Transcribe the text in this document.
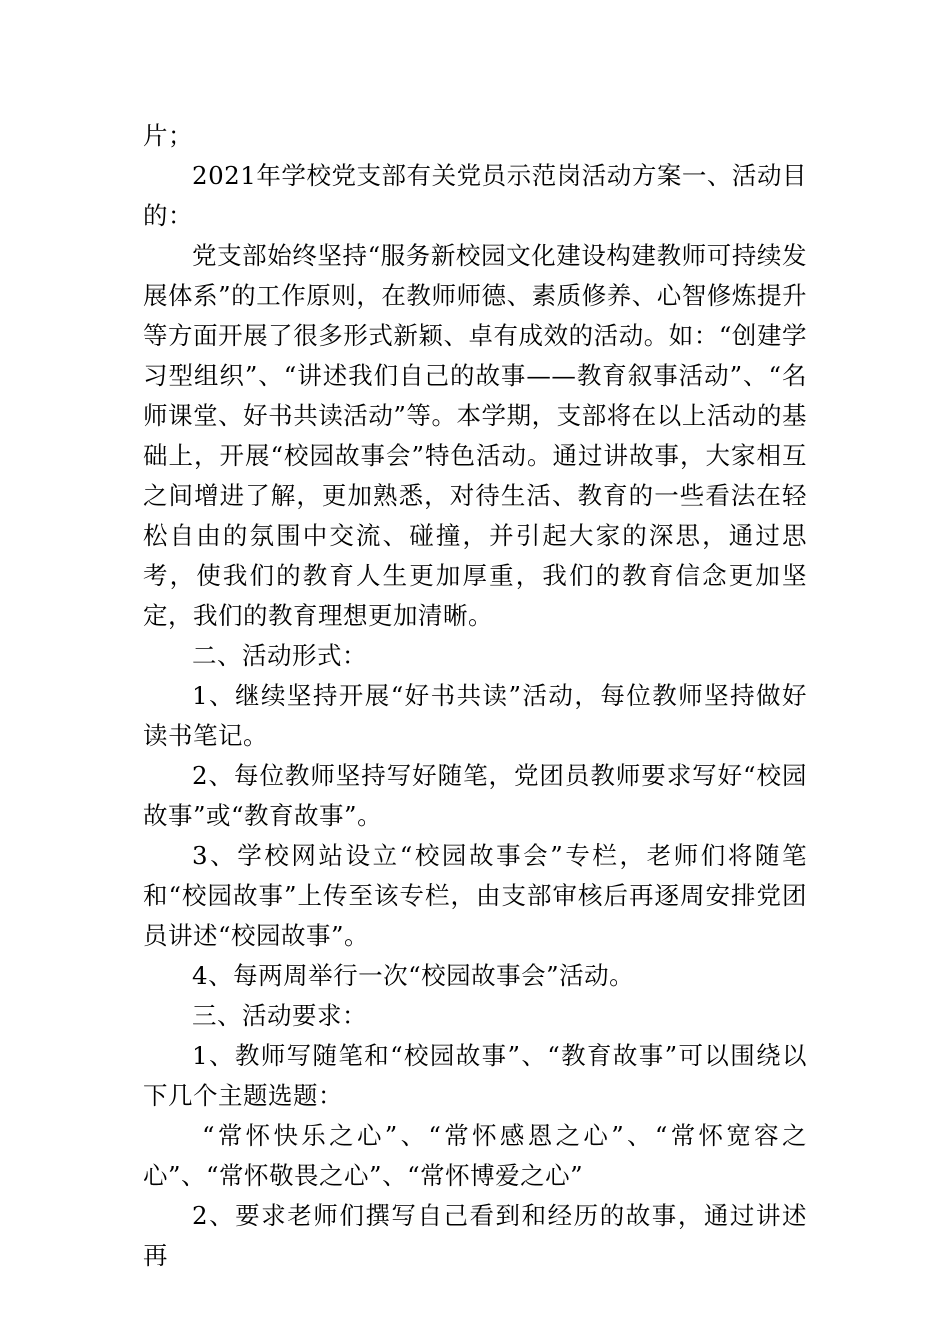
片；

2021年学校党支部有关党员示范岗活动方案一、活动目的：

党支部始终坚持“服务新校园文化建设构建教师可持续发展体系”的工作原则，在教师师德、素质修养、心智修炼提升等方面开展了很多形式新颖、卓有成效的活动。如：“创建学习型组织”、“讲述我们自己的故事——教育叙事活动”、“名师课堂、好书共读活动”等。本学期，支部将在以上活动的基础上，开展“校园故事会”特色活动。通过讲故事，大家相互之间增进了解，更加熟悉，对待生活、教育的一些看法在轻松自由的氛围中交流、碰撞，并引起大家的深思，通过思考，使我们的教育人生更加厚重，我们的教育信念更加坚定，我们的教育理想更加清晰。

二、活动形式：

1、继续坚持开展“好书共读”活动，每位教师坚持做好读书笔记。

2、每位教师坚持写好随笔，党团员教师要求写好“校园故事”或“教育故事”。

3、学校网站设立“校园故事会”专栏，老师们将随笔和“校园故事”上传至该专栏，由支部审核后再逐周安排党团员讲述“校园故事”。

4、每两周举行一次“校园故事会”活动。

三、活动要求：

1、教师写随笔和“校园故事”、“教育故事”可以围绕以下几个主题选题：

“常怀快乐之心”、“常怀感恩之心”、“常怀宽容之心”、“常怀敬畏之心”、“常怀博爱之心”

2、要求老师们撰写自己看到和经历的故事，通过讲述再
